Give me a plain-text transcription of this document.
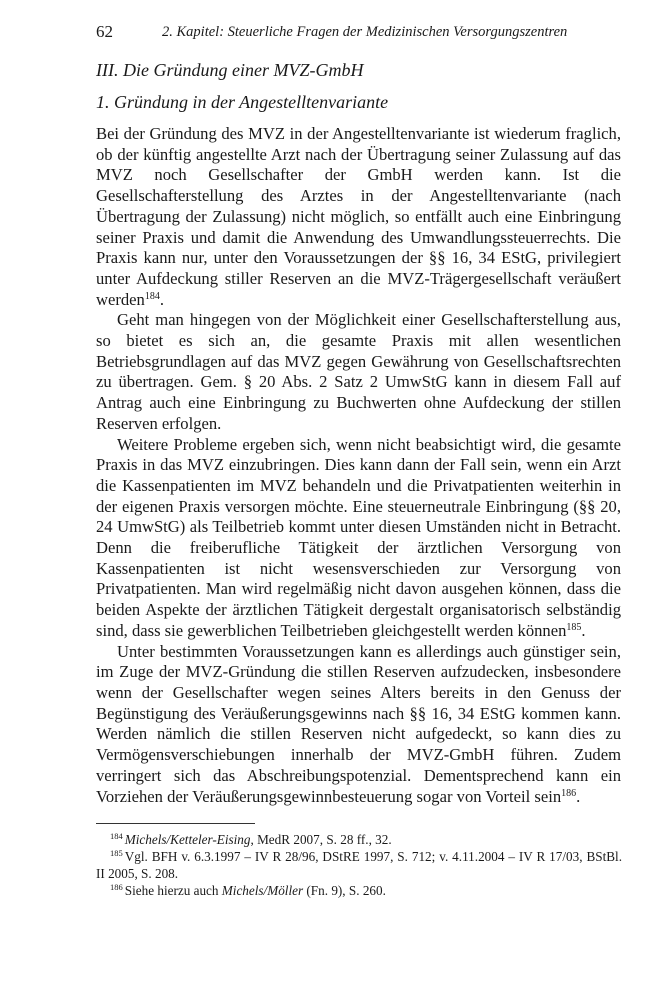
62	2. Kapitel: Steuerliche Fragen der Medizinischen Versorgungszentren
III. Die Gründung einer MVZ-GmbH
1. Gründung in der Angestelltenvariante

Bei der Gründung des MVZ in der Angestelltenvariante ist wiederum fraglich, ob der künftig angestellte Arzt nach der Übertragung seiner Zulassung auf das MVZ noch Gesellschafter der GmbH werden kann. Ist die Gesellschafterstellung des Arztes in der Angestelltenvariante (nach Übertragung der Zulassung) nicht möglich, so entfällt auch eine Einbringung seiner Praxis und damit die Anwendung des Umwandlungssteuerrechts. Die Praxis kann nur, unter den Voraussetzungen der §§ 16, 34 EStG, privilegiert unter Aufdeckung stiller Reserven an die MVZ-Trägergesellschaft veräußert werden$^{184}$.

Geht man hingegen von der Möglichkeit einer Gesellschafterstellung aus, so bietet es sich an, die gesamte Praxis mit allen wesentlichen Betriebsgrundlagen auf das MVZ gegen Gewährung von Gesellschaftsrechten zu übertragen. Gem. § 20 Abs. 2 Satz 2 UmwStG kann in diesem Fall auf Antrag auch eine Einbringung zu Buchwerten ohne Aufdeckung der stillen Reserven erfolgen.

Weitere Probleme ergeben sich, wenn nicht beabsichtigt wird, die gesamte Praxis in das MVZ einzubringen. Dies kann dann der Fall sein, wenn ein Arzt die Kassenpatienten im MVZ behandeln und die Privatpatienten weiterhin in der eigenen Praxis versorgen möchte. Eine steuerneutrale Einbringung (§§ 20, 24 UmwStG) als Teilbetrieb kommt unter diesen Umständen nicht in Betracht. Denn die freiberufliche Tätigkeit der ärztlichen Versorgung von Kassenpatienten ist nicht wesensverschieden zur Versorgung von Privatpatienten. Man wird regelmäßig nicht davon ausgehen können, dass die beiden Aspekte der ärztlichen Tätigkeit dergestalt organisatorisch selbständig sind, dass sie gewerblichen Teilbetrieben gleichgestellt werden können$^{185}$.

Unter bestimmten Voraussetzungen kann es allerdings auch günstiger sein, im Zuge der MVZ-Gründung die stillen Reserven aufzudecken, insbesondere wenn der Gesellschafter wegen seines Alters bereits in den Genuss der Begünstigung des Veräußerungsgewinns nach §§ 16, 34 EStG kommen kann. Werden nämlich die stillen Reserven nicht aufgedeckt, so kann dies zu Vermögensverschiebungen innerhalb der MVZ-GmbH führen. Zudem verringert sich das Abschreibungspotenzial. Dementsprechend kann ein Vorziehen der Veräußerungsgewinnbesteuerung sogar von Vorteil sein$^{186}$.

$^{184}$ Michels/Ketteler-Eising, MedR 2007, S. 28 ff., 32.
$^{185}$ Vgl. BFH v. 6.3.1997 – IV R 28/96, DStRE 1997, S. 712; v. 4.11.2004 – IV R 17/03, BStBl. II 2005, S. 208.
$^{186}$ Siehe hierzu auch Michels/Möller (Fn. 9), S. 260.
